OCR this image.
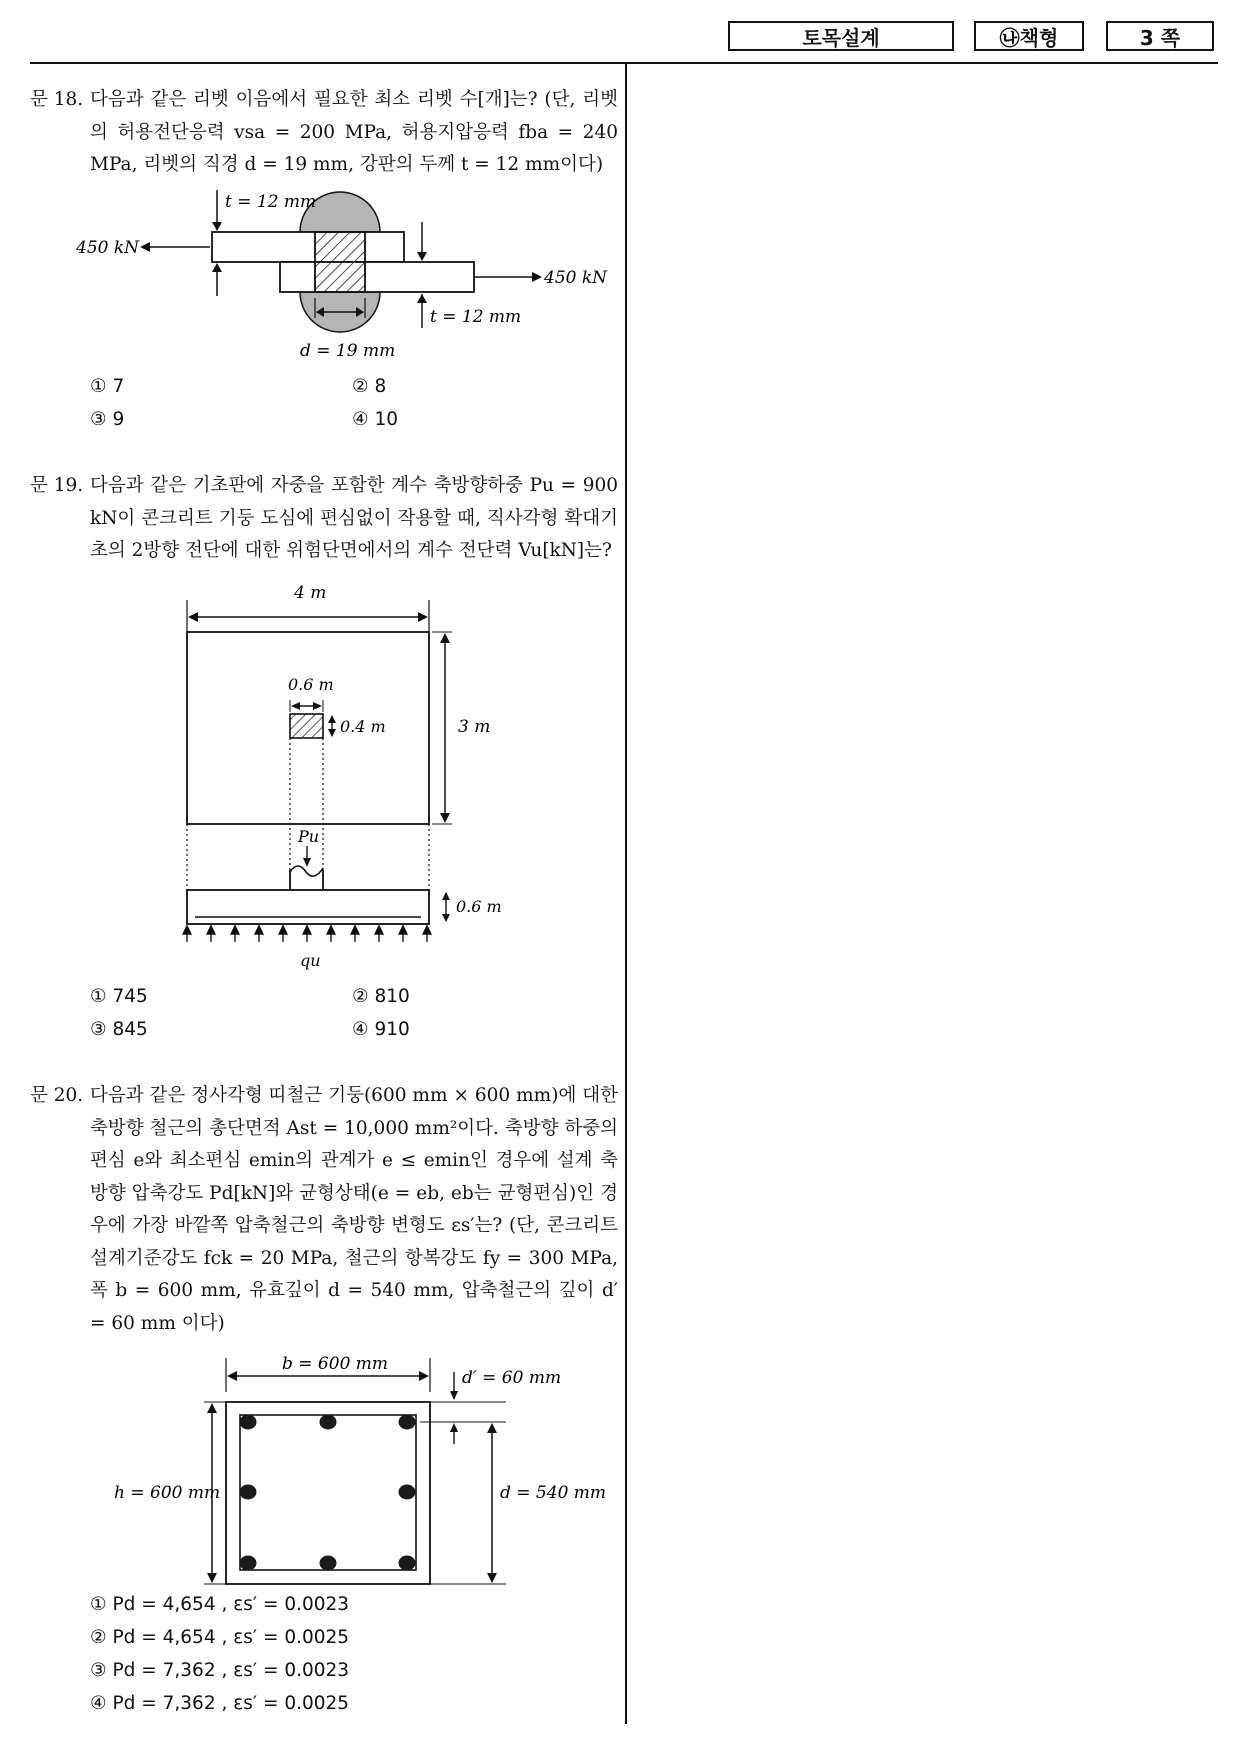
토목설계	㉯책형	3 쪽
문 18. 다음과 같은 리벳 이음에서 필요한 최소 리벳 수[개]는? (단, 리벳의 허용전단응력 vsa = 200 MPa, 허용지압응력 fba = 240 MPa, 리벳의 직경 d = 19 mm, 강판의 두께 t = 12 mm이다)
t = 12 mm
450 kN
450 kN
t = 12 mm
d = 19 mm
① 7	② 8
③ 9	④ 10
문 19. 다음과 같은 기초판에 자중을 포함한 계수 축방향하중 Pu = 900 kN이 콘크리트 기둥 도심에 편심없이 작용할 때, 직사각형 확대기초의 2방향 전단에 대한 위험단면에서의 계수 전단력 Vu[kN]는?
4 m
0.6 m
0.4 m	3 m
Pu
0.6 m
qu
① 745	② 810
③ 845	④ 910
문 20. 다음과 같은 정사각형 띠철근 기둥(600 mm × 600 mm)에 대한 축방향 철근의 총단면적 Ast = 10,000 mm²이다. 축방향 하중의 편심 e와 최소편심 emin의 관계가 e ≤ emin인 경우에 설계 축방향 압축강도 Pd[kN]와 균형상태(e = eb, eb는 균형편심)인 경우에 가장 바깥쪽 압축철근의 축방향 변형도 εs′는? (단, 콘크리트 설계기준강도 fck = 20 MPa, 철근의 항복강도 fy = 300 MPa, 폭 b = 600 mm, 유효깊이 d = 540 mm, 압축철근의 깊이 d′ = 60 mm 이다)
b = 600 mm
h = 600 mm
d′ = 60 mm
d = 540 mm
① Pd = 4,654 , εs′ = 0.0023
② Pd = 4,654 , εs′ = 0.0025
③ Pd = 7,362 , εs′ = 0.0023
④ Pd = 7,362 , εs′ = 0.0025
